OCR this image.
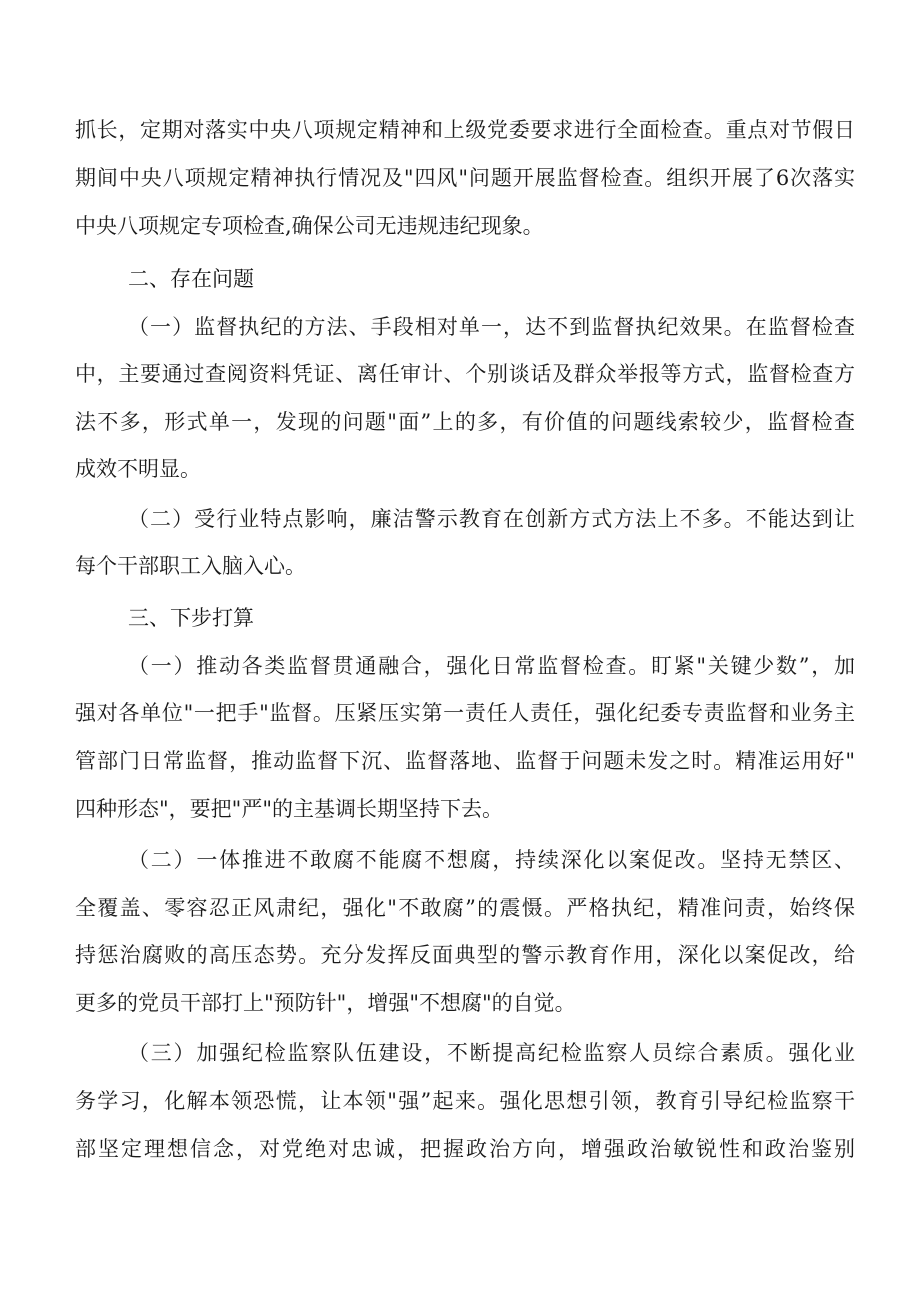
抓长，定期对落实中央八项规定精神和上级党委要求进行全面检查。重点对节假日
期间中央八项规定精神执行情况及"四风"问题开展监督检查。组织开展了6次落实
中央八项规定专项检查,确保公司无违规违纪现象。
二、存在问题
（一）监督执纪的方法、手段相对单一，达不到监督执纪效果。在监督检查
中，主要通过查阅资料凭证、离任审计、个别谈话及群众举报等方式，监督检查方
法不多，形式单一，发现的问题"面”上的多，有价值的问题线索较少，监督检查
成效不明显。
（二）受行业特点影响，廉洁警示教育在创新方式方法上不多。不能达到让
每个干部职工入脑入心。
三、下步打算
（一）推动各类监督贯通融合，强化日常监督检查。盯紧"关键少数”，加
强对各单位"一把手"监督。压紧压实第一责任人责任，强化纪委专责监督和业务主
管部门日常监督，推动监督下沉、监督落地、监督于问题未发之时。精准运用好"
四种形态"，要把"严"的主基调长期坚持下去。
（二）一体推进不敢腐不能腐不想腐，持续深化以案促改。坚持无禁区、
全覆盖、零容忍正风肃纪，强化"不敢腐”的震慑。严格执纪，精准问责，始终保
持惩治腐败的高压态势。充分发挥反面典型的警示教育作用，深化以案促改，给
更多的党员干部打上"预防针"，增强"不想腐"的自觉。
（三）加强纪检监察队伍建设，不断提高纪检监察人员综合素质。强化业
务学习，化解本领恐慌，让本领"强”起来。强化思想引领，教育引导纪检监察干
部坚定理想信念，对党绝对忠诚，把握政治方向，增强政治敏锐性和政治鉴别
